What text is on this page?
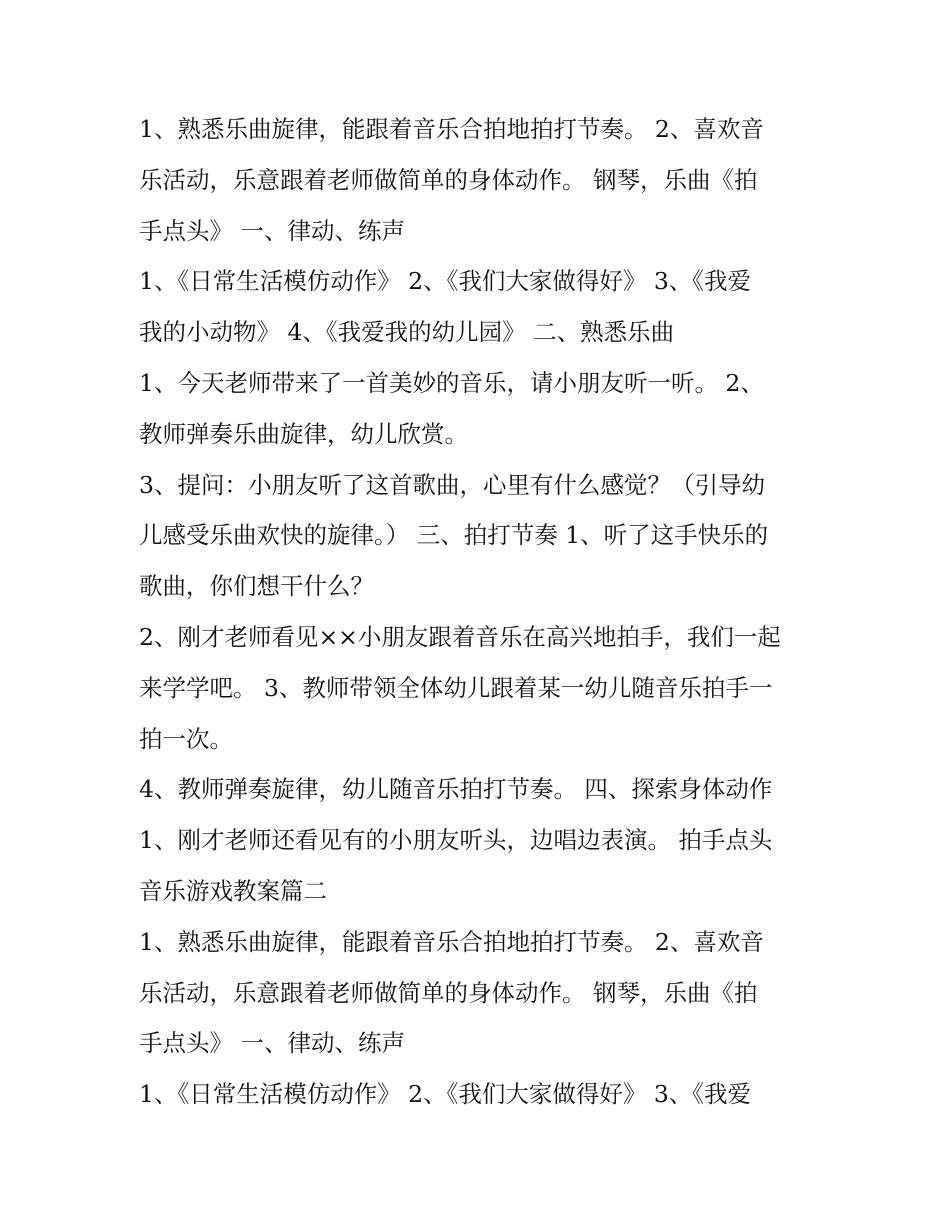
1、熟悉乐曲旋律，能跟着音乐合拍地拍打节奏。 2、喜欢音
乐活动，乐意跟着老师做简单的身体动作。 钢琴，乐曲《拍
手点头》 一、律动、练声

1、《日常生活模仿动作》 2、《我们大家做得好》 3、《我爱
我的小动物》 4、《我爱我的幼儿园》 二、熟悉乐曲

1、今天老师带来了一首美妙的音乐，请小朋友听一听。 2、
教师弹奏乐曲旋律，幼儿欣赏。

3、提问：小朋友听了这首歌曲，心里有什么感觉？（引导幼
儿感受乐曲欢快的旋律。） 三、拍打节奏 1、听了这手快乐的
歌曲，你们想干什么？

2、刚才老师看见××小朋友跟着音乐在高兴地拍手，我们一起
来学学吧。 3、教师带领全体幼儿跟着某一幼儿随音乐拍手一
拍一次。

4、教师弹奏旋律，幼儿随音乐拍打节奏。 四、探索身体动作

1、刚才老师还看见有的小朋友听头，边唱边表演。 拍手点头
音乐游戏教案篇二

1、熟悉乐曲旋律，能跟着音乐合拍地拍打节奏。 2、喜欢音
乐活动，乐意跟着老师做简单的身体动作。 钢琴，乐曲《拍
手点头》 一、律动、练声

1、《日常生活模仿动作》 2、《我们大家做得好》 3、《我爱
